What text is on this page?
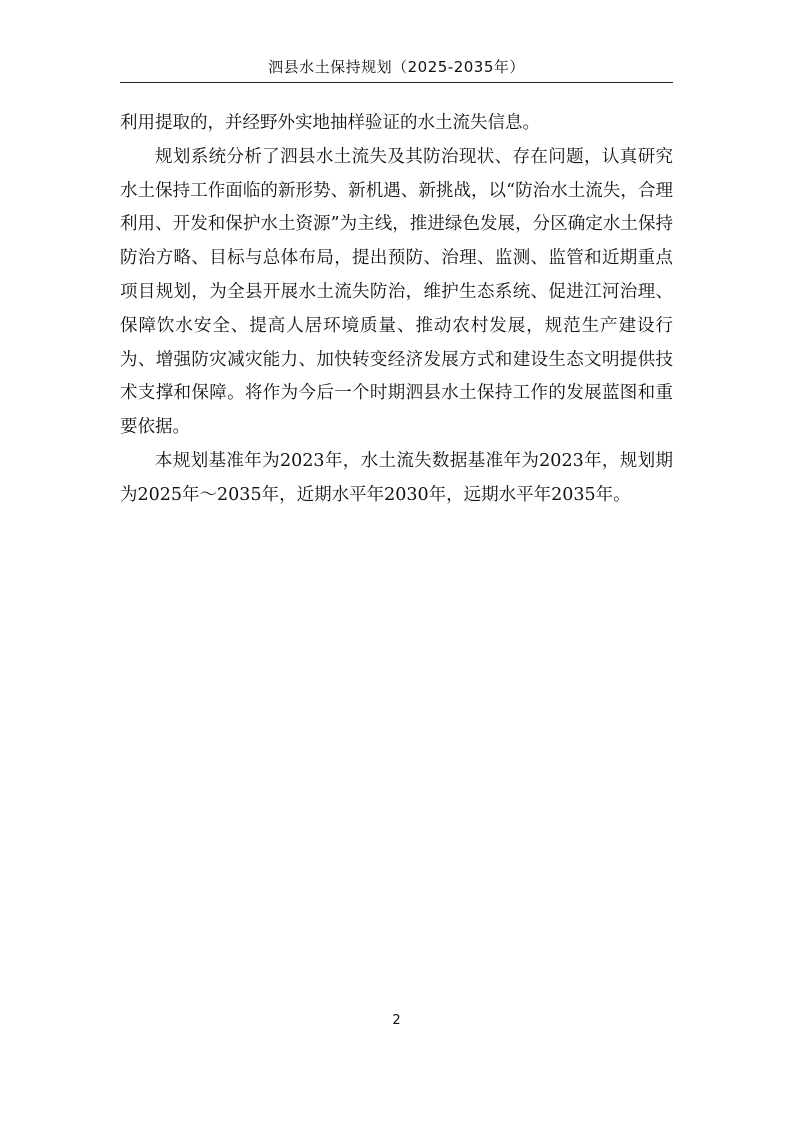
泗县水土保持规划（2025-2035年）

利用提取的，并经野外实地抽样验证的水土流失信息。

规划系统分析了泗县水土流失及其防治现状、存在问题，认真研究水土保持工作面临的新形势、新机遇、新挑战，以“防治水土流失，合理利用、开发和保护水土资源”为主线，推进绿色发展，分区确定水土保持防治方略、目标与总体布局，提出预防、治理、监测、监管和近期重点项目规划，为全县开展水土流失防治，维护生态系统、促进江河治理、保障饮水安全、提高人居环境质量、推动农村发展，规范生产建设行为、增强防灾减灾能力、加快转变经济发展方式和建设生态文明提供技术支撑和保障。将作为今后一个时期泗县水土保持工作的发展蓝图和重要依据。

本规划基准年为2023年，水土流失数据基准年为2023年，规划期为2025年～2035年，近期水平年2030年，远期水平年2035年。

2
